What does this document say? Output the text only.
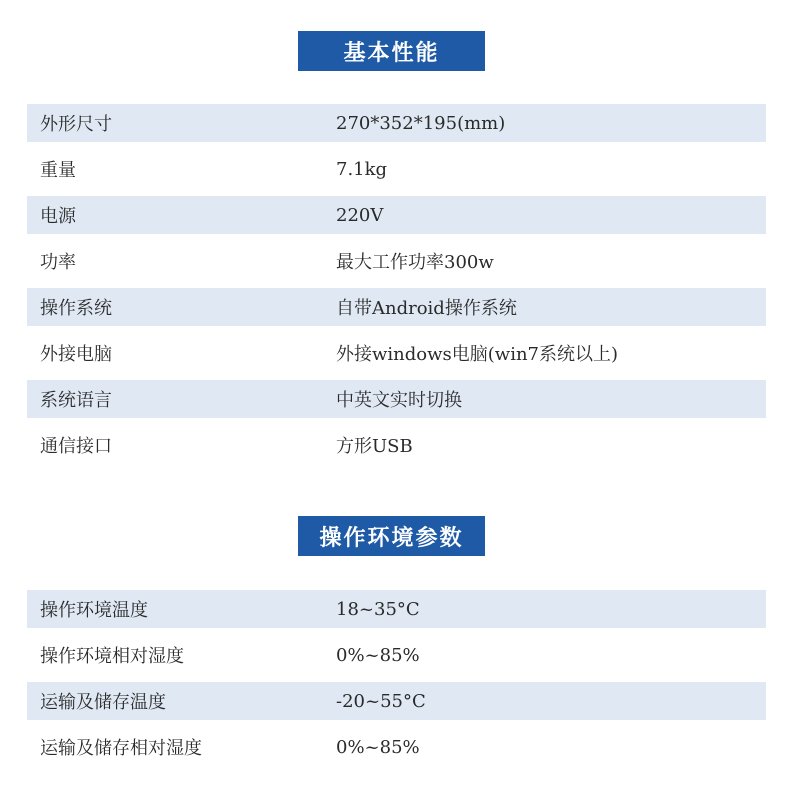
基本性能
外形尺寸	270*352*195(mm)
重量	7.1kg
电源	220V
功率	最大工作功率300w
操作系统	自带Android操作系统
外接电脑	外接windows电脑(win7系统以上)
系统语言	中英文实时切换
通信接口	方形USB
操作环境参数
操作环境温度	18~35°C
操作环境相对湿度	0%~85%
运输及储存温度	-20~55°C
运输及储存相对湿度	0%~85%
